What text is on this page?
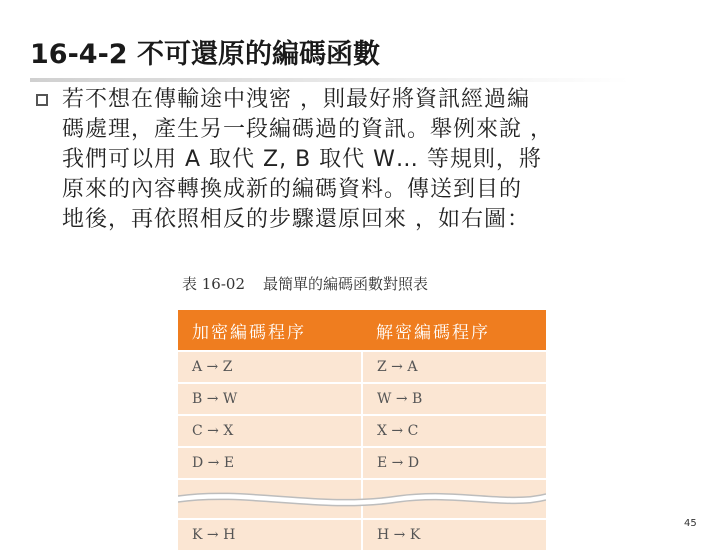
16-4-2 不可還原的編碼函數
若不想在傳輸途中洩密 ，則最好將資訊經過編
碼處理，產生另一段編碼過的資訊。舉例來說 ，
我們可以用 A 取代 Z, B 取代 W… 等規則，將
原來的內容轉換成新的編碼資料。傳送到目的
地後，再依照相反的步驟還原回來 ，如右圖：
表 16-02 最簡單的編碼函數對照表
加密編碼程序	解密編碼程序
A → Z	Z → A
B → W	W → B
C → X	X → C
D → E	E → D

K → H	H → K
45
